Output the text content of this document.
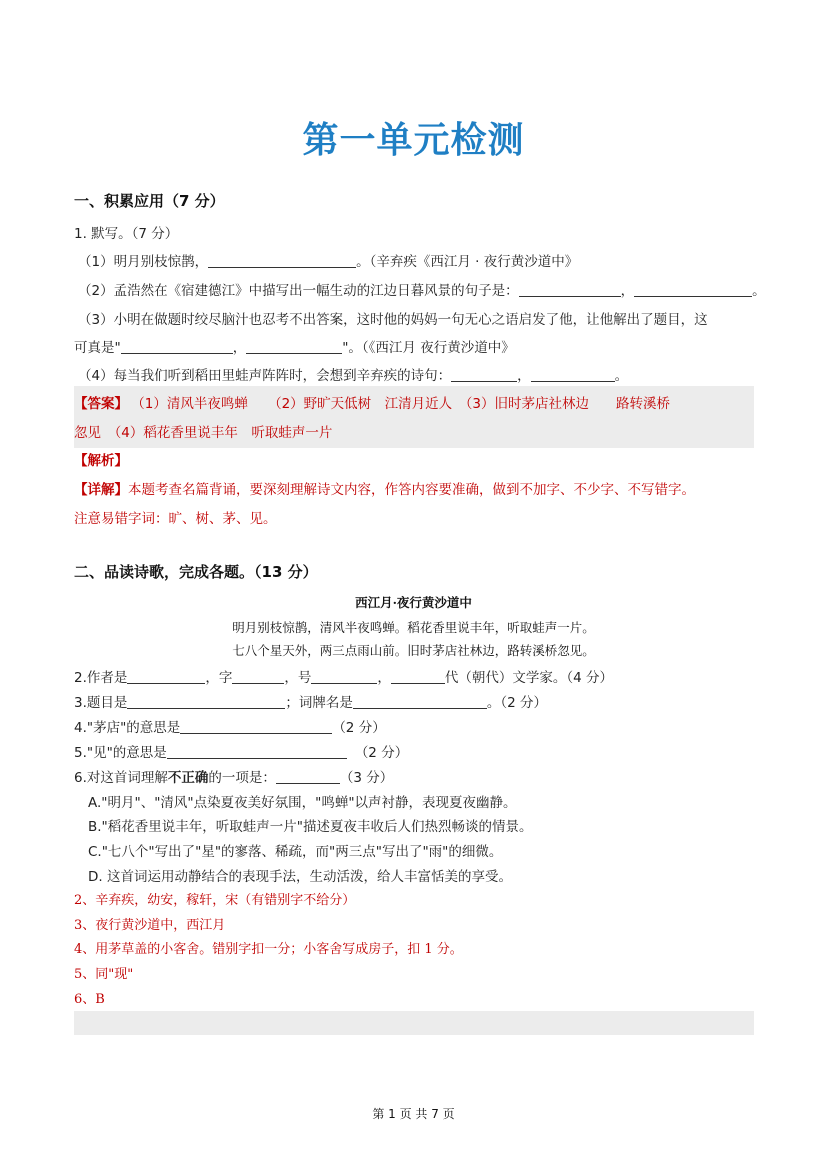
第一单元检测
一、积累应用（7 分）
1. 默写。（7 分）
（1）明月别枝惊鹊，	。（辛弃疾《西江月 · 夜行黄沙道中》
（2）孟浩然在《宿建德江》中描写出一幅生动的江边日暮风景的句子是：	，	。
（3）小明在做题时绞尽脑汁也忍考不出答案，这时他的妈妈一句无心之语启发了他，让他解出了题目，这
可真是"	，	"。（《西江月 夜行黄沙道中》
（4）每当我们听到稻田里蛙声阵阵时，会想到辛弃疾的诗句：	，	。
【答案】 （1）清风半夜鸣蝉　　（2）野旷天低树　江清月近人　（3）旧时茅店社林边　　路转溪桥
忽见　（4）稻花香里说丰年　听取蛙声一片
【解析】
【详解】本题考查名篇背诵，要深刻理解诗文内容，作答内容要准确，做到不加字、不少字、不写错字。
注意易错字词：旷、树、茅、见。
二、品读诗歌，完成各题。（13 分）
西江月·夜行黄沙道中
明月别枝惊鹊，清风半夜鸣蝉。稻花香里说丰年，听取蛙声一片。
七八个星天外，两三点雨山前。旧时茅店社林边，路转溪桥忽见。
2.作者是	，字	，号	，	代（朝代）文学家。（4 分）
3.题目是	；词牌名是	。（2 分）
4."茅店"的意思是	（2 分）
5."见"的意思是	（2 分）
6.对这首词理解不正确的一项是：	（3 分）
A."明月"、"清风"点染夏夜美好氛围，"鸣蝉"以声衬静，表现夏夜幽静。
B."稻花香里说丰年，听取蛙声一片"描述夏夜丰收后人们热烈畅谈的情景。
C."七八个"写出了"星"的寥落、稀疏，而"两三点"写出了"雨"的细微。
D. 这首词运用动静结合的表现手法，生动活泼，给人丰富恬美的享受。
2、辛弃疾，幼安，稼轩，宋（有错别字不给分）
3、夜行黄沙道中，西江月
4、用茅草盖的小客舍。错别字扣一分；小客舍写成房子，扣 1 分。
5、同"现"
6、B
第 1 页 共 7 页
